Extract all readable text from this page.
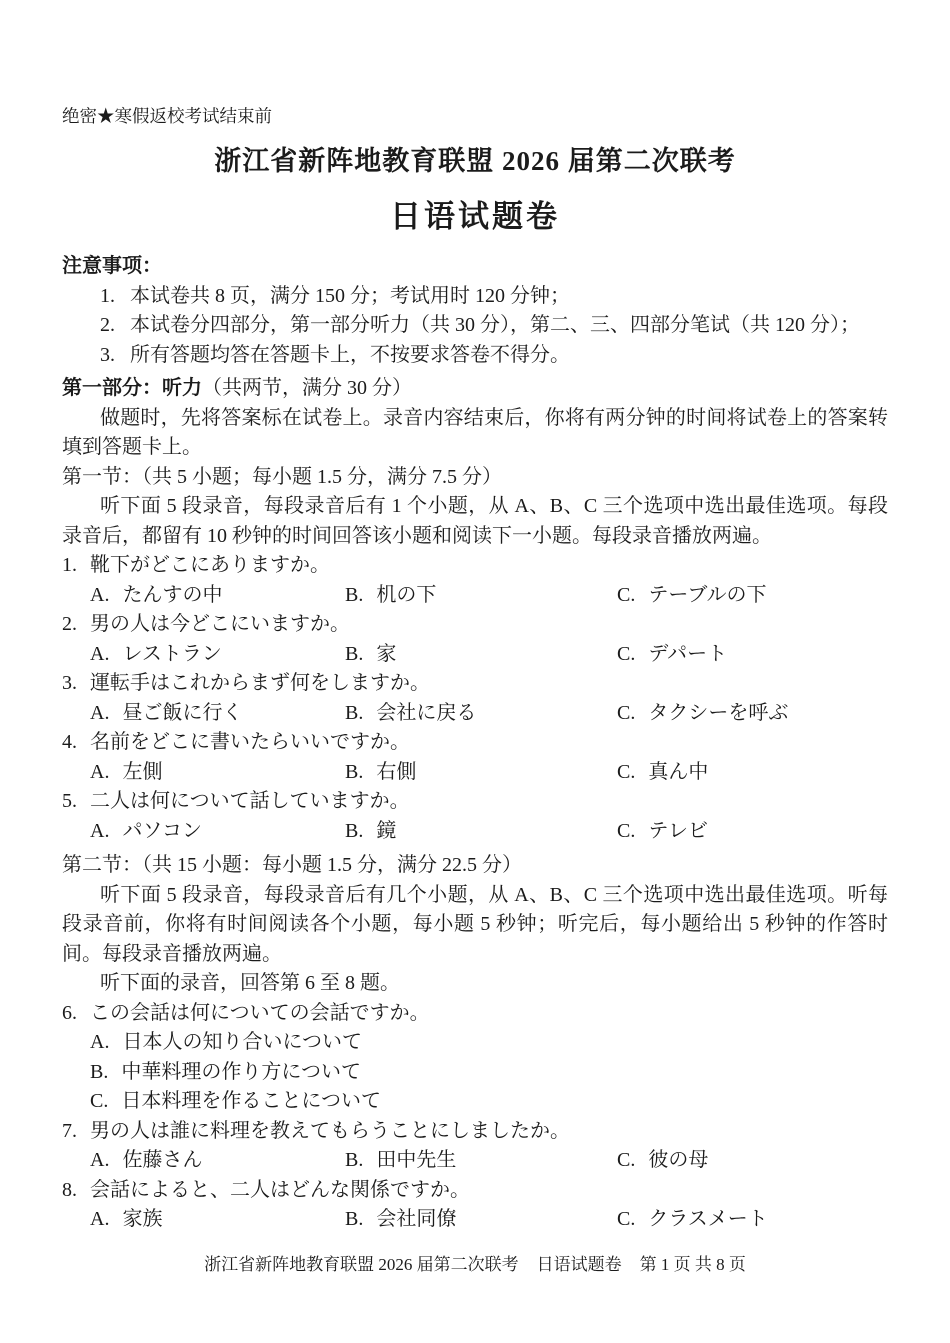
绝密★寒假返校考试结束前
浙江省新阵地教育联盟 2026 届第二次联考
日语试题卷
注意事项：
1. 本试卷共 8 页，满分 150 分；考试用时 120 分钟；
2. 本试卷分四部分，第一部分听力（共 30 分），第二、三、四部分笔试（共 120 分）；
3. 所有答题均答在答题卡上，不按要求答卷不得分。
第一部分：听力（共两节，满分 30 分）

做题时，先将答案标在试卷上。录音内容结束后，你将有两分钟的时间将试卷上的答案转填到答题卡上。

第一节：（共 5 小题；每小题 1.5 分，满分 7.5 分）

听下面 5 段录音，每段录音后有 1 个小题，从 A、B、C 三个选项中选出最佳选项。每段录音后，都留有 10 秒钟的时间回答该小题和阅读下一小题。每段录音播放两遍。

1. 靴下がどこにありますか。
A. たんすの中	B. 机の下	C. テーブルの下
2. 男の人は今どこにいますか。
A. レストラン	B. 家	C. デパート
3. 運転手はこれからまず何をしますか。
A. 昼ご飯に行く	B. 会社に戻る	C. タクシーを呼ぶ
4. 名前をどこに書いたらいいですか。
A. 左側	B. 右側	C. 真ん中
5. 二人は何について話していますか。
A. パソコン	B. 鏡	C. テレビ
第二节：（共 15 小题：每小题 1.5 分，满分 22.5 分）

听下面 5 段录音，每段录音后有几个小题，从 A、B、C 三个选项中选出最佳选项。听每段录音前，你将有时间阅读各个小题，每小题 5 秒钟；听完后，每小题给出 5 秒钟的作答时间。每段录音播放两遍。

听下面的录音，回答第 6 至 8 题。

6. この会話は何についての会話ですか。
A. 日本人の知り合いについて
B. 中華料理の作り方について
C. 日本料理を作ることについて
7. 男の人は誰に料理を教えてもらうことにしましたか。
A. 佐藤さん	B. 田中先生	C. 彼の母
8. 会話によると、二人はどんな関係ですか。
A. 家族	B. 会社同僚	C. クラスメート
浙江省新阵地教育联盟 2026 届第二次联考 日语试题卷 第 1 页 共 8 页
